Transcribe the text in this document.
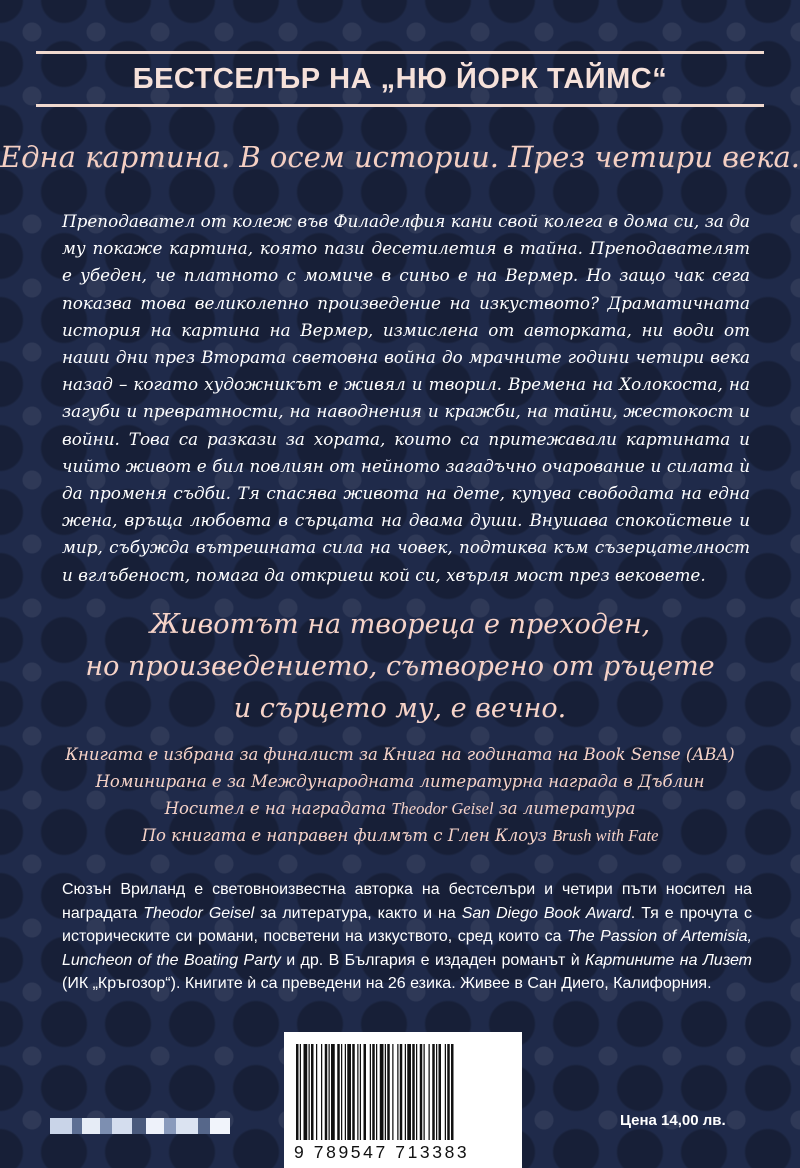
БЕСТСЕЛЪР НА „НЮ ЙОРК ТАЙМС“
Една картина. В осем истории. През четири века.

Преподавател от колеж във Филаделфия кани свой колега в дома си, за да му покаже картина, която пази десетилетия в тайна. Преподавателят е убеден, че платното с момиче в синьо е на Вермер. Но защо чак сега показва това великолепно произведение на изкуството? Драматичната история на картина на Вермер, измислена от авторката, ни води от наши дни през Втората световна война до мрачните години четири века назад – когато художникът е живял и творил. Времена на Холокоста, на загуби и превратности, на наводнения и кражби, на тайни, жестокост и войни. Това са разкази за хората, които са притежавали картината и чийто живот е бил повлиян от нейното загадъчно очарование и силата ѝ да променя съдби. Тя спасява живота на дете, купува свободата на една жена, връща любовта в сърцата на двама души. Внушава спокойствие и мир, събужда вътрешната сила на човек, подтиква към съзерцателност и вглъбеност, помага да откриеш кой си, хвърля мост през вековете.

Животът на твореца е преходен,
но произведението, сътворено от ръцете
и сърцето му, е вечно.
Книгата е избрана за финалист за Книга на годината на Book Sense (ABA)
Номинирана е за Международната литературна награда в Дъблин
Носител е на наградата Theodor Geisel за литература
По книгата е направен филмът с Глен Клоуз Brush with Fate

Сюзън Вриланд е световноизвестна авторка на бестселъри и четири пъти носител на наградата Theodor Geisel за литература, както и на San Diego Book Award. Тя е прочута с историческите си романи, посветени на изкуството, сред които са The Passion of Artemisia, Luncheon of the Boating Party и др. В България е издаден романът ѝ Картините на Лизет (ИК „Кръгозор“). Книгите ѝ са преведени на 26 езика. Живее в Сан Диего, Калифорния.

9 789547 713383
Цена 14,00 лв.
